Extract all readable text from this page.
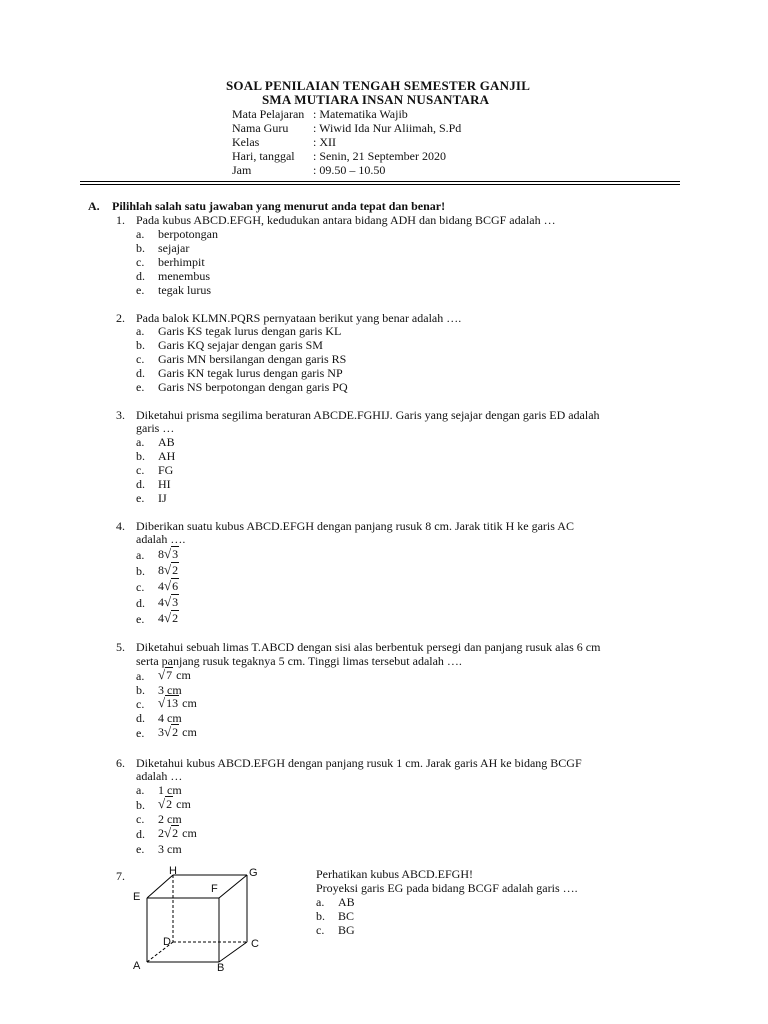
SOAL PENILAIAN TENGAH SEMESTER GANJIL
SMA MUTIARA INSAN NUSANTARA
Mata Pelajaran : Matematika Wajib
Nama Guru : Wiwid Ida Nur Aliimah, S.Pd
Kelas	: XII
Hari, tanggal : Senin, 21 September 2020
Jam	: 09.50 – 10.50
A. Pilihlah salah satu jawaban yang menurut anda tepat dan benar!
1. Pada kubus ABCD.EFGH, kedudukan antara bidang ADH dan bidang BCGF adalah …
a. berpotongan
b. sejajar
c. berhimpit
d. menembus
e. tegak lurus
2. Pada balok KLMN.PQRS pernyataan berikut yang benar adalah ….
a. Garis KS tegak lurus dengan garis KL
b. Garis KQ sejajar dengan garis SM
c. Garis MN bersilangan dengan garis RS
d. Garis KN tegak lurus dengan garis NP
e. Garis NS berpotongan dengan garis PQ
3. Diketahui prisma segilima beraturan ABCDE.FGHIJ. Garis yang sejajar dengan garis ED adalah
garis …
a. AB
b. AH
c. FG
d. HI
e. IJ
4. Diberikan suatu kubus ABCD.EFGH dengan panjang rusuk 8 cm. Jarak titik H ke garis AC
adalah ….
a. 8√3
b. 8√2
c. 4√6
d. 4√3
e. 4√2
5. Diketahui sebuah limas T.ABCD dengan sisi alas berbentuk persegi dan panjang rusuk alas 6 cm
serta panjang rusuk tegaknya 5 cm. Tinggi limas tersebut adalah ….
a. √7 cm
b. 3 cm
c. √13 cm
d. 4 cm
e. 3√2 cm
6. Diketahui kubus ABCD.EFGH dengan panjang rusuk 1 cm. Jarak garis AH ke bidang BCGF
adalah …
a. 1 cm
b. √2 cm
c. 2 cm
d. 2√2 cm
e. 3 cm
7.	H	G
E
F
D	C
A	B
Perhatikan kubus ABCD.EFGH!
Proyeksi garis EG pada bidang BCGF adalah garis ….
a. AB
b. BC
c. BG
